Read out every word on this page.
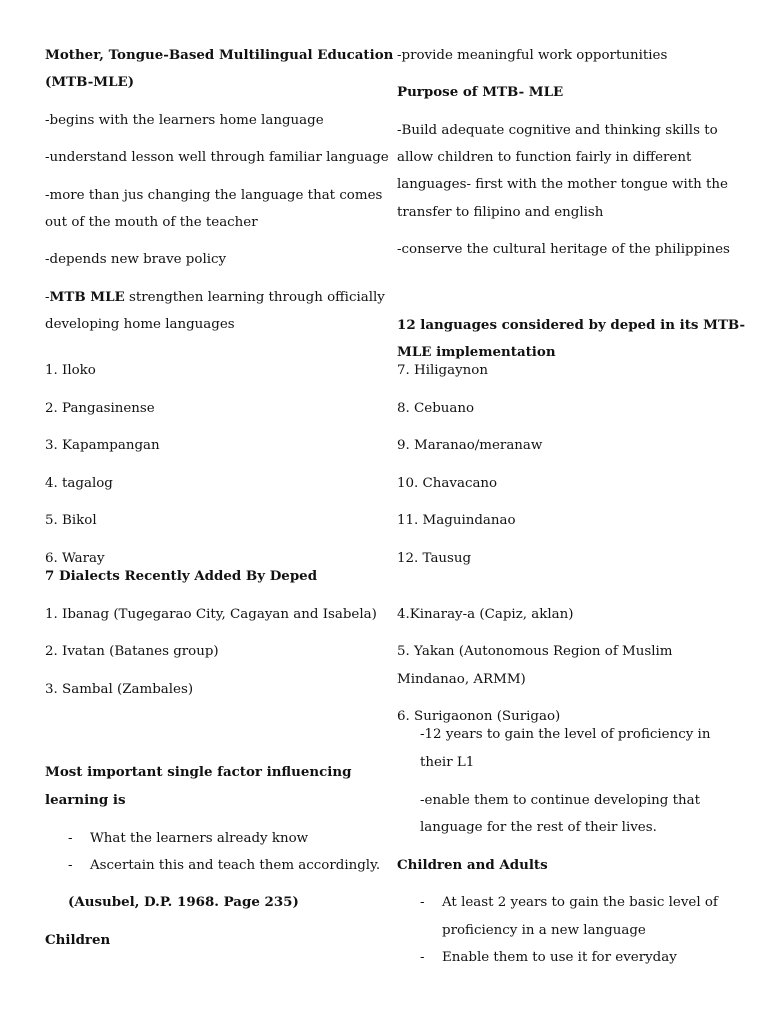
Mother, Tongue-Based Multilingual Education
(MTB-MLE)
-begins with the learners home language
-understand lesson well through familiar language
-more than jus changing the language that comes
out of the mouth of the teacher
-depends new brave policy
-MTB MLE strengthen learning through officially
developing home languages
1. Iloko
2. Pangasinense
3. Kapampangan
4. tagalog
5. Bikol
6. Waray
-provide meaningful work opportunities
Purpose of MTB- MLE
-Build adequate cognitive and thinking skills to
allow children to function fairly in different
languages- first with the mother tongue with the
transfer to filipino and english
-conserve the cultural heritage of the philippines
12 languages considered by deped in its MTB-
MLE implementation
7. Hiligaynon
8. Cebuano
9. Maranao/meranaw
10. Chavacano
11. Maguindanao
12. Tausug
7 Dialects Recently Added By Deped
1. Ibanag (Tugegarao City, Cagayan and Isabela)
2. Ivatan (Batanes group)
3. Sambal (Zambales)
4.Kinaray-a (Capiz, aklan)
5. Yakan (Autonomous Region of Muslim
Mindanao, ARMM)
6. Surigaonon (Surigao)
Most important single factor influencing
learning is
- What the learners already know
- Ascertain this and teach them accordingly.
(Ausubel, D.P. 1968. Page 235)
Children
-12 years to gain the level of proficiency in
their L1
-enable them to continue developing that
language for the rest of their lives.
Children and Adults
- At least 2 years to gain the basic level of
proficiency in a new language
- Enable them to use it for everyday
